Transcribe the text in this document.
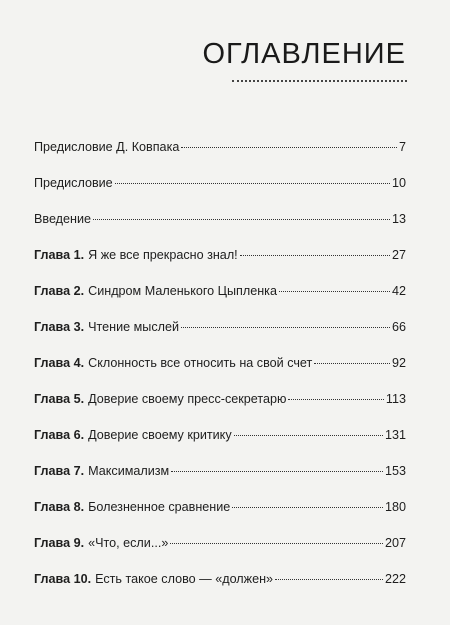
ОГЛАВЛЕНИЕ
Предисловие Д. Ковпака	7
Предисловие	10
Введение	13
Глава 1. Я же все прекрасно знал!	27
Глава 2. Синдром Маленького Цыпленка	42
Глава 3. Чтение мыслей	66
Глава 4. Склонность все относить на свой счет	92
Глава 5. Доверие своему пресс-секретарю	113
Глава 6. Доверие своему критику	131
Глава 7. Максимализм	153
Глава 8. Болезненное сравнение	180
Глава 9. «Что, если...»	207
Глава 10. Есть такое слово — «должен»	222
